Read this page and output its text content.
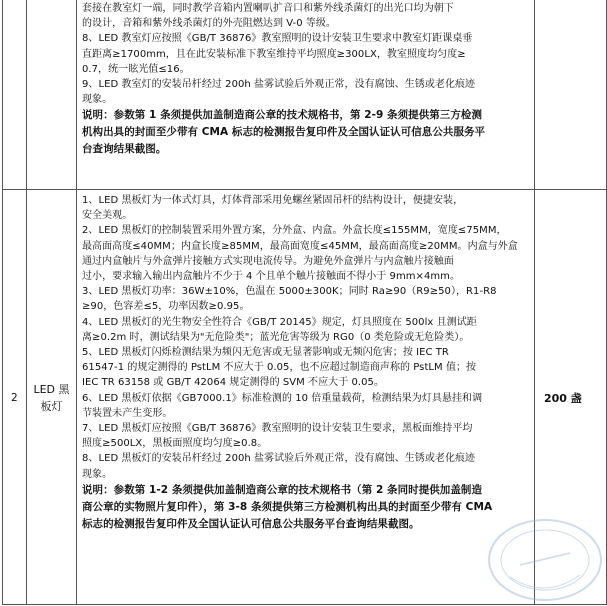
套接在教室灯一端，同时教学音箱内置喇叭扩音口和紫外线杀菌灯的出光口均为朝下

的设计，音箱和紫外线杀菌灯的外壳阻燃达到 V-0 等级。

8、LED 教室灯应按照《GB/T 36876》教室照明的设计安装卫生要求中教室灯距课桌垂

直距离≥1700mm，且在此安装标准下教室维持平均照度≥300LX，教室照度均匀度≥

0.7，统一眩光值≤16。

9、LED 教室灯的安装吊杆经过 200h 盐雾试验后外观正常，没有腐蚀、生锈或老化痕迹

现象。

说明：参数第 1 条须提供加盖制造商公章的技术规格书，第 2-9 条须提供第三方检测

机构出具的封面至少带有 CMA 标志的检测报告复印件及全国认证认可信息公共服务平

台查询结果截图。

2
LED 黑
板灯
200 盏

1、LED 黑板灯为一体式灯具，灯体背部采用免螺丝紧固吊杆的结构设计，便捷安装，

安全美观。

2、LED 黑板灯的控制装置采用外置方案，分外盒、内盒。外盒长度≤155MM，宽度≤75MM，

最高面高度≤40MM；内盒长度≥85MM，最高面宽度≤45MM，最高面高度≥20MM。内盒与外盒

通过内盒触片与外盒弹片接触方式实现电流传导。为避免外盒弹片与内盒触片接触面

过小，要求输入输出内盒触片不少于 4 个且单个触片接触面不得小于 9mm×4mm。

3、LED 黑板灯功率：36W±10%，色温在 5000±300K；同时 Ra≥90（R9≥50），R1-R8

≥90，色容差≤5，功率因数≥0.95。

4、LED 黑板灯的光生物安全性符合《GB/T 20145》规定，灯具照度在 500lx 且测试距

离≥0.2m 时，测试结果为"无危险类"；蓝光危害等级为 RG0（0 类危险或无危险类）。

5、LED 黑板灯闪烁检测结果为频闪无危害或无显著影响或无频闪危害；按 IEC TR

61547-1 的规定测得的 PstLM 不应大于 0.05，也不应超过制造商声称的 PstLM 值；按

IEC TR 63158 或 GB/T 42064 规定测得的 SVM 不应大于 0.05。

6、LED 黑板灯依据《GB7000.1》标准检测的 10 倍重量载荷，检测结果为灯具悬挂和调

节装置未产生变形。

7、LED 黑板灯应按照《GB/T 36876》教室照明的设计安装卫生要求，黑板面维持平均

照度≥500LX，黑板面照度均匀度≥0.8。

8、LED 黑板灯的安装吊杆经过 200h 盐雾试验后外观正常，没有腐蚀、生锈或老化痕迹

现象。

说明：参数第 1-2 条须提供加盖制造商公章的技术规格书（第 2 条同时提供加盖制造

商公章的实物照片复印件），第 3-8 条须提供第三方检测机构出具的封面至少带有 CMA

标志的检测报告复印件及全国认证认可信息公共服务平台查询结果截图。
